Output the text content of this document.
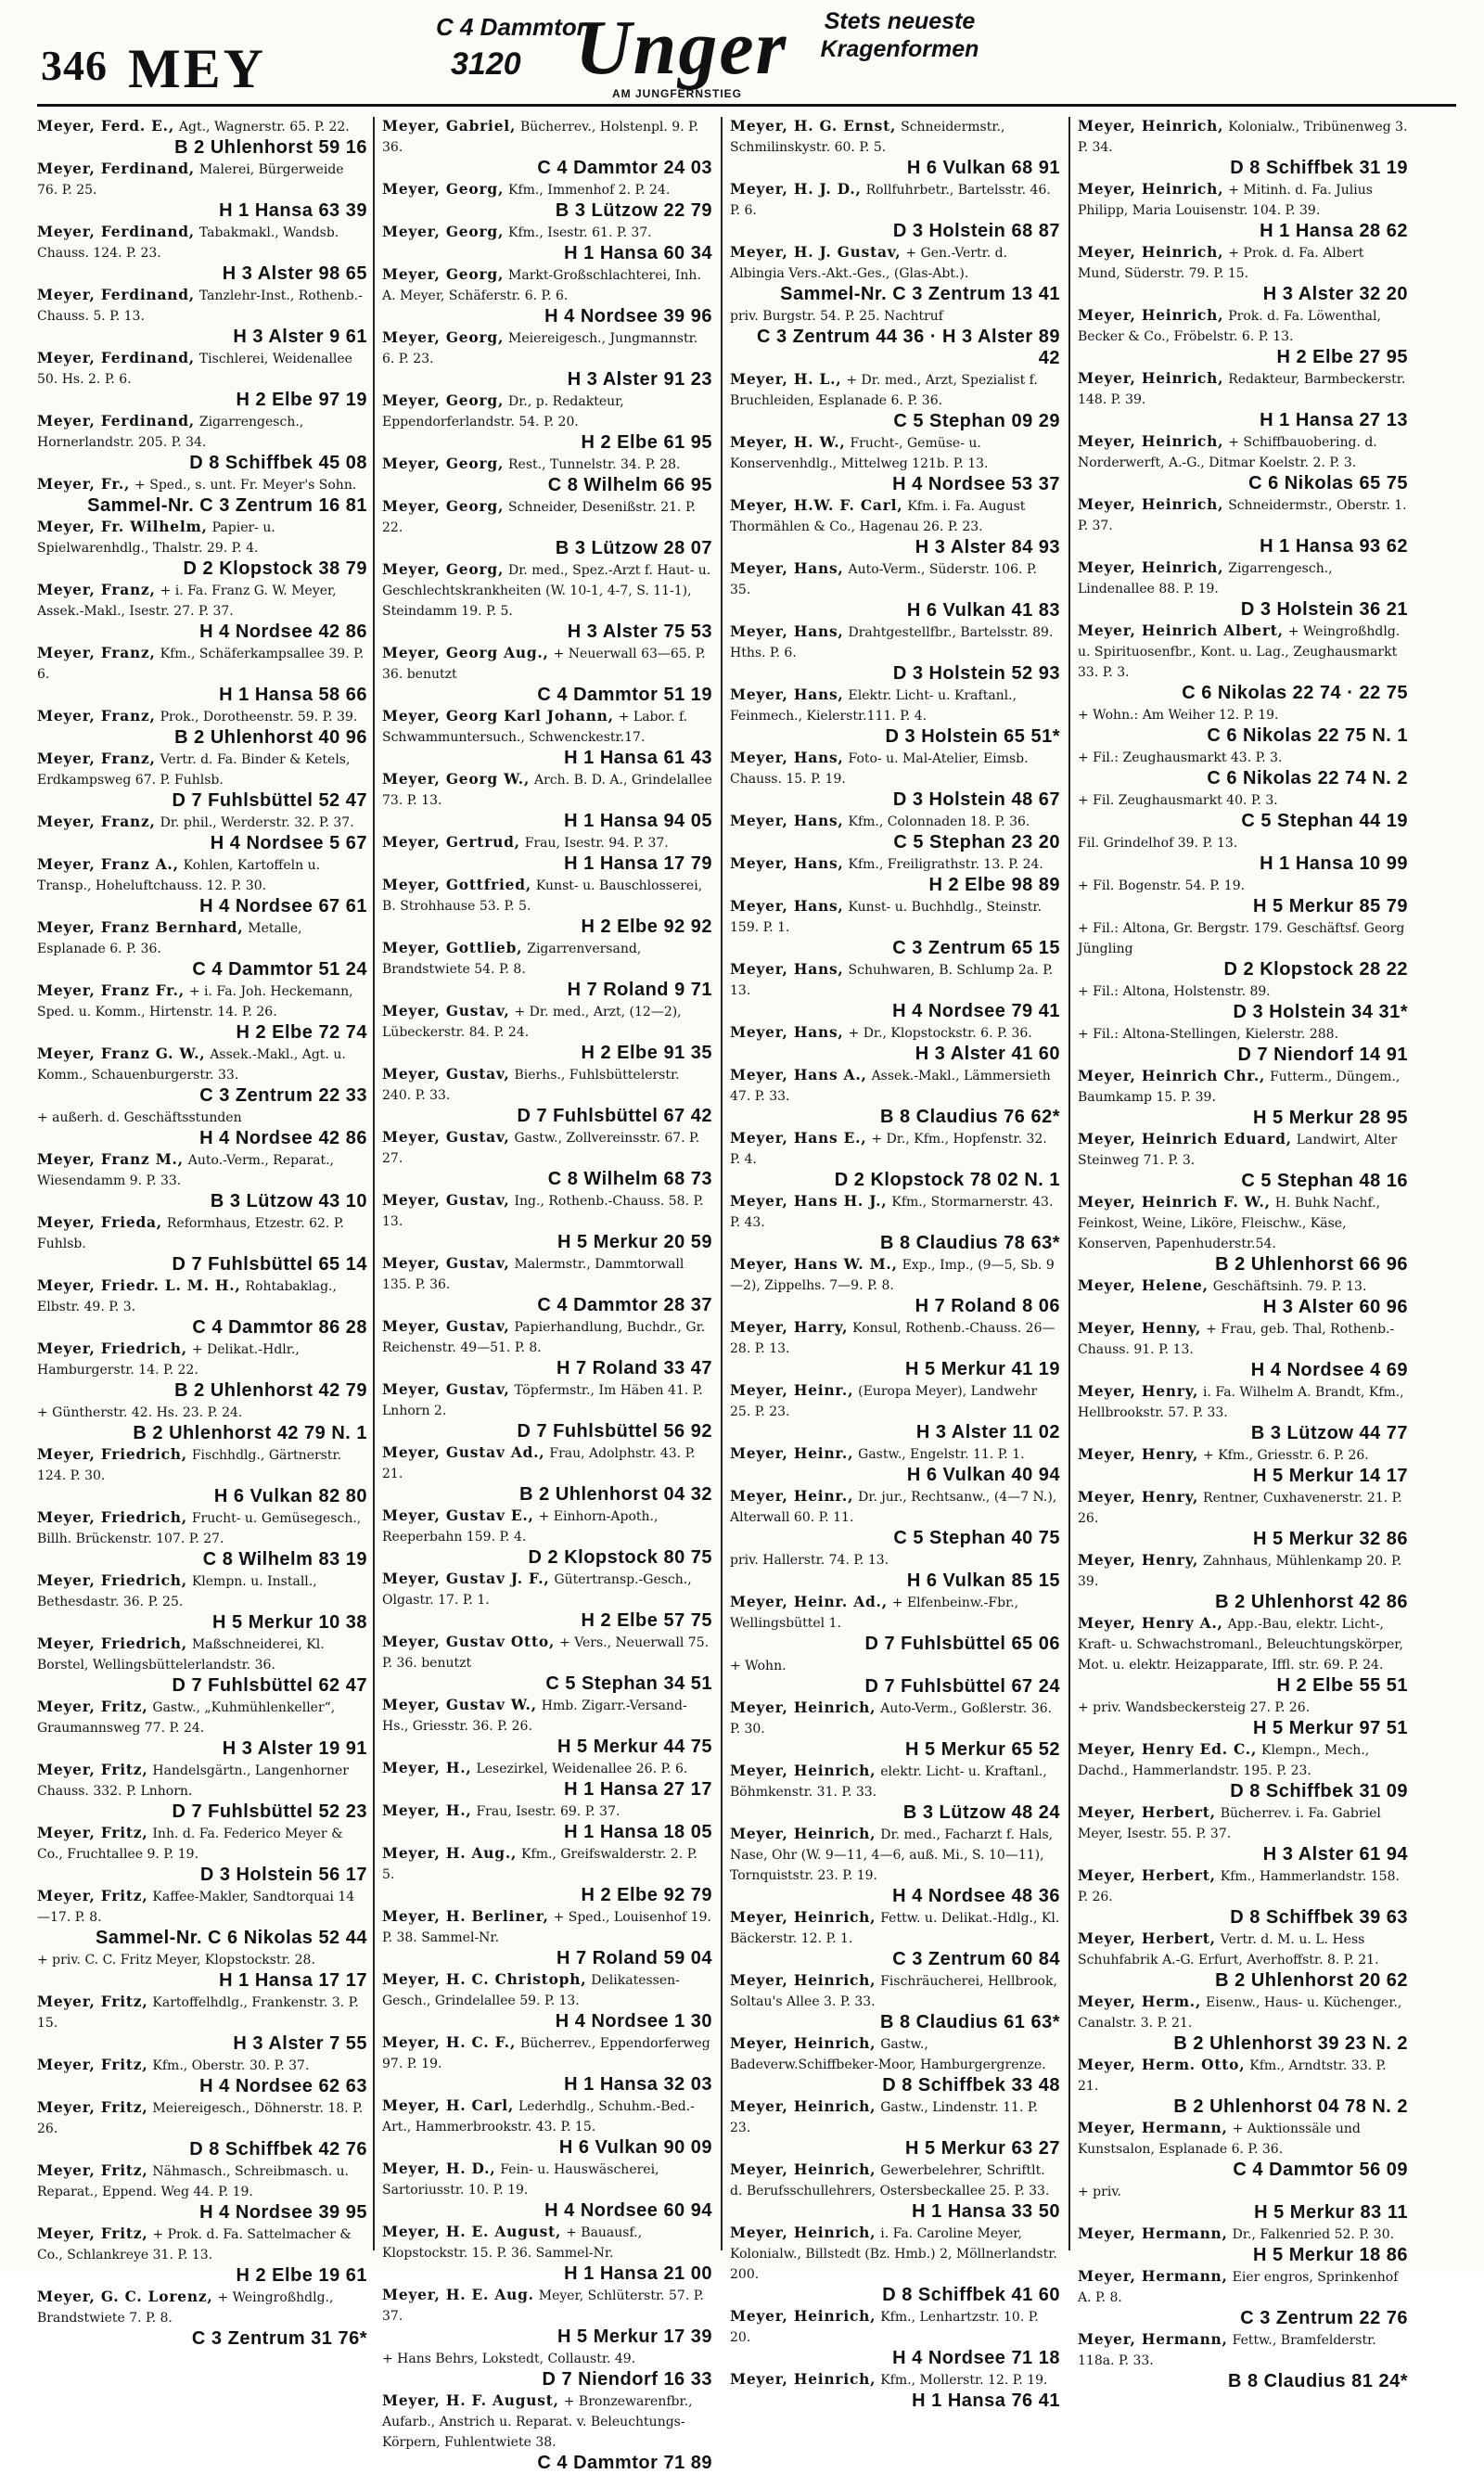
346 MEY
C 4 Dammtor
3120 Unger	Stets neueste Kragenformen
AM JUNGFERNSTIEG
Meyer, Ferd. E., Agt., Wagnerstr. 65. P. 22.
B 2 Uhlenhorst 59 16
Meyer, Ferdinand, Malerei, Bürgerweide 76. P. 25.
H 1 Hansa 63 39
Meyer, Ferdinand, Tabakmakl., Wandsb. Chauss. 124. P. 23.
H 3 Alster 98 65
Meyer, Ferdinand, Tanzlehr-Inst., Rothenb.-Chauss. 5. P. 13.
H 3 Alster 9 61
Meyer, Ferdinand, Tischlerei, Weidenallee 50. Hs. 2. P. 6.
H 2 Elbe 97 19
Meyer, Ferdinand, Zigarrengesch., Hornerlandstr. 205. P. 34.
D 8 Schiffbek 45 08
Meyer, Fr., + Sped., s. unt. Fr. Meyer's Sohn.
Sammel-Nr. C 3 Zentrum 16 81
Meyer, Fr. Wilhelm, Papier- u. Spielwarenhdlg., Thalstr. 29. P. 4.
D 2 Klopstock 38 79
Meyer, Franz, + i. Fa. Franz G. W. Meyer, Assek.-Makl., Isestr. 27. P. 37.
H 4 Nordsee 42 86
Meyer, Franz, Kfm., Schäferkampsallee 39. P. 6.
H 1 Hansa 58 66
Meyer, Franz, Prok., Dorotheenstr. 59. P. 39.
B 2 Uhlenhorst 40 96
Meyer, Franz, Vertr. d. Fa. Binder & Ketels, Erdkampsweg 67. P. Fuhlsb.
D 7 Fuhlsbüttel 52 47
Meyer, Franz, Dr. phil., Werderstr. 32. P. 37.
H 4 Nordsee 5 67
Meyer, Franz A., Kohlen, Kartoffeln u. Transp., Hoheluftchauss. 12. P. 30.
H 4 Nordsee 67 61
Meyer, Franz Bernhard, Metalle, Esplanade 6. P. 36.
C 4 Dammtor 51 24
Meyer, Franz Fr., + i. Fa. Joh. Heckemann, Sped. u. Komm., Hirtenstr. 14. P. 26.
H 2 Elbe 72 74
Meyer, Franz G. W., Assek.-Makl., Agt. u. Komm., Schauenburgerstr. 33.
C 3 Zentrum 22 33
+ außerh. d. Geschäftsstunden
H 4 Nordsee 42 86
Meyer, Franz M., Auto.-Verm., Reparat., Wiesendamm 9. P. 33.
B 3 Lützow 43 10
Meyer, Frieda, Reformhaus, Etzestr. 62. P. Fuhlsb.
D 7 Fuhlsbüttel 65 14
Meyer, Friedr. L. M. H., Rohtabaklag., Elbstr. 49. P. 3.
C 4 Dammtor 86 28
Meyer, Friedrich, + Delikat.-Hdlr., Hamburgerstr. 14. P. 22.
B 2 Uhlenhorst 42 79
+ Güntherstr. 42. Hs. 23. P. 24.
B 2 Uhlenhorst 42 79 N. 1
Meyer, Friedrich, Fischhdlg., Gärtnerstr. 124. P. 30.
H 6 Vulkan 82 80
Meyer, Friedrich, Frucht- u. Gemüsegesch., Billh. Brückenstr. 107. P. 27.
C 8 Wilhelm 83 19
Meyer, Friedrich, Klempn. u. Install., Bethesdastr. 36. P. 25.
H 5 Merkur 10 38
Meyer, Friedrich, Maßschneiderei, Kl. Borstel, Wellingsbüttelerlandstr. 36.
D 7 Fuhlsbüttel 62 47
Meyer, Fritz, Gastw., „Kuhmühlenkeller“, Graumannsweg 77. P. 24.
H 3 Alster 19 91
Meyer, Fritz, Handelsgärtn., Langenhorner Chauss. 332. P. Lnhorn.
D 7 Fuhlsbüttel 52 23
Meyer, Fritz, Inh. d. Fa. Federico Meyer & Co., Fruchtallee 9. P. 19.
D 3 Holstein 56 17
Meyer, Fritz, Kaffee-Makler, Sandtorquai 14—17. P. 8.
Sammel-Nr. C 6 Nikolas 52 44
+ priv. C. C. Fritz Meyer, Klopstockstr. 28.
H 1 Hansa 17 17
Meyer, Fritz, Kartoffelhdlg., Frankenstr. 3. P. 15.
H 3 Alster 7 55
Meyer, Fritz, Kfm., Oberstr. 30. P. 37.
H 4 Nordsee 62 63
Meyer, Fritz, Meiereigesch., Döhnerstr. 18. P. 26.
D 8 Schiffbek 42 76
Meyer, Fritz, Nähmasch., Schreibmasch. u. Reparat., Eppend. Weg 44. P. 19.
H 4 Nordsee 39 95
Meyer, Fritz, + Prok. d. Fa. Sattelmacher & Co., Schlankreye 31. P. 13.
H 2 Elbe 19 61
Meyer, G. C. Lorenz, + Weingroßhdlg., Brandstwiete 7. P. 8.
C 3 Zentrum 31 76*
Meyer, Gabriel, Bücherrev., Holstenpl. 9. P. 36.
C 4 Dammtor 24 03
Meyer, Georg, Kfm., Immenhof 2. P. 24.
B 3 Lützow 22 79
Meyer, Georg, Kfm., Isestr. 61. P. 37.
H 1 Hansa 60 34
Meyer, Georg, Markt-Großschlachterei, Inh. A. Meyer, Schäferstr. 6. P. 6.
H 4 Nordsee 39 96
Meyer, Georg, Meiereigesch., Jungmannstr. 6. P. 23.
H 3 Alster 91 23
Meyer, Georg, Dr., p. Redakteur, Eppendorferlandstr. 54. P. 20.
H 2 Elbe 61 95
Meyer, Georg, Rest., Tunnelstr. 34. P. 28.
C 8 Wilhelm 66 95
Meyer, Georg, Schneider, Desenißstr. 21. P. 22.
B 3 Lützow 28 07
Meyer, Georg, Dr. med., Spez.-Arzt f. Haut- u. Geschlechtskrankheiten (W. 10-1, 4-7, S. 11-1), Steindamm 19. P. 5.
H 3 Alster 75 53
Meyer, Georg Aug., + Neuerwall 63—65. P. 36. benutzt
C 4 Dammtor 51 19
Meyer, Georg Karl Johann, + Labor. f. Schwammuntersuch., Schwenckestr.17.
H 1 Hansa 61 43
Meyer, Georg W., Arch. B. D. A., Grindelallee 73. P. 13.
H 1 Hansa 94 05
Meyer, Gertrud, Frau, Isestr. 94. P. 37.
H 1 Hansa 17 79
Meyer, Gottfried, Kunst- u. Bauschlosserei, B. Strohhause 53. P. 5.
H 2 Elbe 92 92
Meyer, Gottlieb, Zigarrenversand, Brandstwiete 54. P. 8.
H 7 Roland 9 71
Meyer, Gustav, + Dr. med., Arzt, (12—2), Lübeckerstr. 84. P. 24.
H 2 Elbe 91 35
Meyer, Gustav, Bierhs., Fuhlsbüttelerstr. 240. P. 33.
D 7 Fuhlsbüttel 67 42
Meyer, Gustav, Gastw., Zollvereinsstr. 67. P. 27.
C 8 Wilhelm 68 73
Meyer, Gustav, Ing., Rothenb.-Chauss. 58. P. 13.
H 5 Merkur 20 59
Meyer, Gustav, Malermstr., Dammtorwall 135. P. 36.
C 4 Dammtor 28 37
Meyer, Gustav, Papierhandlung, Buchdr., Gr. Reichenstr. 49—51. P. 8.
H 7 Roland 33 47
Meyer, Gustav, Töpfermstr., Im Häben 41. P. Lnhorn 2.
D 7 Fuhlsbüttel 56 92
Meyer, Gustav Ad., Frau, Adolphstr. 43. P. 21.
B 2 Uhlenhorst 04 32
Meyer, Gustav E., + Einhorn-Apoth., Reeperbahn 159. P. 4.
D 2 Klopstock 80 75
Meyer, Gustav J. F., Gütertransp.-Gesch., Olgastr. 17. P. 1.
H 2 Elbe 57 75
Meyer, Gustav Otto, + Vers., Neuerwall 75. P. 36. benutzt
C 5 Stephan 34 51
Meyer, Gustav W., Hmb. Zigarr.-Versand-Hs., Griesstr. 36. P. 26.
H 5 Merkur 44 75
Meyer, H., Lesezirkel, Weidenallee 26. P. 6.
H 1 Hansa 27 17
Meyer, H., Frau, Isestr. 69. P. 37.
H 1 Hansa 18 05
Meyer, H. Aug., Kfm., Greifswalderstr. 2. P. 5.
H 2 Elbe 92 79
Meyer, H. Berliner, + Sped., Louisenhof 19. P. 38. Sammel-Nr.
H 7 Roland 59 04
Meyer, H. C. Christoph, Delikatessen-Gesch., Grindelallee 59. P. 13.
H 4 Nordsee 1 30
Meyer, H. C. F., Bücherrev., Eppendorferweg 97. P. 19.
H 1 Hansa 32 03
Meyer, H. Carl, Lederhdlg., Schuhm.-Bed.-Art., Hammerbrookstr. 43. P. 15.
H 6 Vulkan 90 09
Meyer, H. D., Fein- u. Hauswäscherei, Sartoriusstr. 10. P. 19.
H 4 Nordsee 60 94
Meyer, H. E. August, + Bauausf., Klopstockstr. 15. P. 36. Sammel-Nr.
H 1 Hansa 21 00
Meyer, H. E. Aug. Meyer, Schlüterstr. 57. P. 37.
H 5 Merkur 17 39
+ Hans Behrs, Lokstedt, Collaustr. 49.
D 7 Niendorf 16 33
Meyer, H. F. August, + Bronzewarenfbr., Aufarb., Anstrich u. Reparat. v. Beleuchtungs-Körpern, Fuhlentwiete 38.
C 4 Dammtor 71 89
Meyer, H. G. Ernst, Schneidermstr., Schmilinskystr. 60. P. 5.
H 6 Vulkan 68 91
Meyer, H. J. D., Rollfuhrbetr., Bartelsstr. 46. P. 6.
D 3 Holstein 68 87
Meyer, H. J. Gustav, + Gen.-Vertr. d. Albingia Vers.-Akt.-Ges., (Glas-Abt.).
Sammel-Nr. C 3 Zentrum 13 41
priv. Burgstr. 54. P. 25. Nachtruf
C 3 Zentrum 44 36 · H 3 Alster 89 42
Meyer, H. L., + Dr. med., Arzt, Spezialist f. Bruchleiden, Esplanade 6. P. 36.
C 5 Stephan 09 29
Meyer, H. W., Frucht-, Gemüse- u. Konservenhdlg., Mittelweg 121b. P. 13.
H 4 Nordsee 53 37
Meyer, H.W. F. Carl, Kfm. i. Fa. August Thormählen & Co., Hagenau 26. P. 23.
H 3 Alster 84 93
Meyer, Hans, Auto-Verm., Süderstr. 106. P. 35.
H 6 Vulkan 41 83
Meyer, Hans, Drahtgestellfbr., Bartelsstr. 89. Hths. P. 6.
D 3 Holstein 52 93
Meyer, Hans, Elektr. Licht- u. Kraftanl., Feinmech., Kielerstr.111. P. 4.
D 3 Holstein 65 51*
Meyer, Hans, Foto- u. Mal-Atelier, Eimsb. Chauss. 15. P. 19.
D 3 Holstein 48 67
Meyer, Hans, Kfm., Colonnaden 18. P. 36.
C 5 Stephan 23 20
Meyer, Hans, Kfm., Freiligrathstr. 13. P. 24.
H 2 Elbe 98 89
Meyer, Hans, Kunst- u. Buchhdlg., Steinstr. 159. P. 1.
C 3 Zentrum 65 15
Meyer, Hans, Schuhwaren, B. Schlump 2a. P. 13.
H 4 Nordsee 79 41
Meyer, Hans, + Dr., Klopstockstr. 6. P. 36.
H 3 Alster 41 60
Meyer, Hans A., Assek.-Makl., Lämmersieth 47. P. 33.
B 8 Claudius 76 62*
Meyer, Hans E., + Dr., Kfm., Hopfenstr. 32. P. 4.
D 2 Klopstock 78 02 N. 1
Meyer, Hans H. J., Kfm., Stormarnerstr. 43. P. 43.
B 8 Claudius 78 63*
Meyer, Hans W. M., Exp., Imp., (9—5, Sb. 9—2), Zippelhs. 7—9. P. 8.
H 7 Roland 8 06
Meyer, Harry, Konsul, Rothenb.-Chauss. 26—28. P. 13.
H 5 Merkur 41 19
Meyer, Heinr., (Europa Meyer), Landwehr 25. P. 23.
H 3 Alster 11 02
Meyer, Heinr., Gastw., Engelstr. 11. P. 1.
H 6 Vulkan 40 94
Meyer, Heinr., Dr. jur., Rechtsanw., (4—7 N.), Alterwall 60. P. 11.
C 5 Stephan 40 75
priv. Hallerstr. 74. P. 13.
H 6 Vulkan 85 15
Meyer, Heinr. Ad., + Elfenbeinw.-Fbr., Wellingsbüttel 1.
D 7 Fuhlsbüttel 65 06
+ Wohn.
D 7 Fuhlsbüttel 67 24
Meyer, Heinrich, Auto-Verm., Goßlerstr. 36. P. 30.
H 5 Merkur 65 52
Meyer, Heinrich, elektr. Licht- u. Kraftanl., Böhmkenstr. 31. P. 33.
B 3 Lützow 48 24
Meyer, Heinrich, Dr. med., Facharzt f. Hals, Nase, Ohr (W. 9—11, 4—6, auß. Mi., S. 10—11), Tornquiststr. 23. P. 19.
H 4 Nordsee 48 36
Meyer, Heinrich, Fettw. u. Delikat.-Hdlg., Kl. Bäckerstr. 12. P. 1.
C 3 Zentrum 60 84
Meyer, Heinrich, Fischräucherei, Hellbrook, Soltau's Allee 3. P. 33.
B 8 Claudius 61 63*
Meyer, Heinrich, Gastw., Badeverw.Schiffbeker-Moor, Hamburgergrenze.
D 8 Schiffbek 33 48
Meyer, Heinrich, Gastw., Lindenstr. 11. P. 23.
H 5 Merkur 63 27
Meyer, Heinrich, Gewerbelehrer, Schriftlt. d. Berufsschullehrers, Ostersbeckallee 25. P. 33.
H 1 Hansa 33 50
Meyer, Heinrich, i. Fa. Caroline Meyer, Kolonialw., Billstedt (Bz. Hmb.) 2, Möllnerlandstr. 200.
D 8 Schiffbek 41 60
Meyer, Heinrich, Kfm., Lenhartzstr. 10. P. 20.
H 4 Nordsee 71 18
Meyer, Heinrich, Kfm., Mollerstr. 12. P. 19.
H 1 Hansa 76 41
Meyer, Heinrich, Kolonialw., Tribünenweg 3. P. 34.
D 8 Schiffbek 31 19
Meyer, Heinrich, + Mitinh. d. Fa. Julius Philipp, Maria Louisenstr. 104. P. 39.
H 1 Hansa 28 62
Meyer, Heinrich, + Prok. d. Fa. Albert Mund, Süderstr. 79. P. 15.
H 3 Alster 32 20
Meyer, Heinrich, Prok. d. Fa. Löwenthal, Becker & Co., Fröbelstr. 6. P. 13.
H 2 Elbe 27 95
Meyer, Heinrich, Redakteur, Barmbeckerstr. 148. P. 39.
H 1 Hansa 27 13
Meyer, Heinrich, + Schiffbauobering. d. Norderwerft, A.-G., Ditmar Koelstr. 2. P. 3.
C 6 Nikolas 65 75
Meyer, Heinrich, Schneidermstr., Oberstr. 1. P. 37.
H 1 Hansa 93 62
Meyer, Heinrich, Zigarrengesch., Lindenallee 88. P. 19.
D 3 Holstein 36 21
Meyer, Heinrich Albert, + Weingroßhdlg. u. Spirituosenfbr., Kont. u. Lag., Zeughausmarkt 33. P. 3.
C 6 Nikolas 22 74 · 22 75
+ Wohn.: Am Weiher 12. P. 19.
C 6 Nikolas 22 75 N. 1
+ Fil.: Zeughausmarkt 43. P. 3.
C 6 Nikolas 22 74 N. 2
+ Fil. Zeughausmarkt 40. P. 3.
C 5 Stephan 44 19
Fil. Grindelhof 39. P. 13.
H 1 Hansa 10 99
+ Fil. Bogenstr. 54. P. 19.
H 5 Merkur 85 79
+ Fil.: Altona, Gr. Bergstr. 179. Geschäftsf. Georg Jüngling
D 2 Klopstock 28 22
+ Fil.: Altona, Holstenstr. 89.
D 3 Holstein 34 31*
+ Fil.: Altona-Stellingen, Kielerstr. 288.
D 7 Niendorf 14 91
Meyer, Heinrich Chr., Futterm., Düngem., Baumkamp 15. P. 39.
H 5 Merkur 28 95
Meyer, Heinrich Eduard, Landwirt, Alter Steinweg 71. P. 3.
C 5 Stephan 48 16
Meyer, Heinrich F. W., H. Buhk Nachf., Feinkost, Weine, Liköre, Fleischw., Käse, Konserven, Papenhuderstr.54.
B 2 Uhlenhorst 66 96
Meyer, Helene, Geschäftsinh. 79. P. 13.
H 3 Alster 60 96
Meyer, Henny, + Frau, geb. Thal, Rothenb.-Chauss. 91. P. 13.
H 4 Nordsee 4 69
Meyer, Henry, i. Fa. Wilhelm A. Brandt, Kfm., Hellbrookstr. 57. P. 33.
B 3 Lützow 44 77
Meyer, Henry, + Kfm., Griesstr. 6. P. 26.
H 5 Merkur 14 17
Meyer, Henry, Rentner, Cuxhavenerstr. 21. P. 26.
H 5 Merkur 32 86
Meyer, Henry, Zahnhaus, Mühlenkamp 20. P. 39.
B 2 Uhlenhorst 42 86
Meyer, Henry A., App.-Bau, elektr. Licht-, Kraft- u. Schwachstromanl., Beleuchtungskörper, Mot. u. elektr. Heizapparate, Iffl. str. 69. P. 24.
H 2 Elbe 55 51
+ priv. Wandsbeckersteig 27. P. 26.
H 5 Merkur 97 51
Meyer, Henry Ed. C., Klempn., Mech., Dachd., Hammerlandstr. 195. P. 23.
D 8 Schiffbek 31 09
Meyer, Herbert, Bücherrev. i. Fa. Gabriel Meyer, Isestr. 55. P. 37.
H 3 Alster 61 94
Meyer, Herbert, Kfm., Hammerlandstr. 158. P. 26.
D 8 Schiffbek 39 63
Meyer, Herbert, Vertr. d. M. u. L. Hess Schuhfabrik A.-G. Erfurt, Averhoffstr. 8. P. 21.
B 2 Uhlenhorst 20 62
Meyer, Herm., Eisenw., Haus- u. Küchenger., Canalstr. 3. P. 21.
B 2 Uhlenhorst 39 23 N. 2
Meyer, Herm. Otto, Kfm., Arndtstr. 33. P. 21.
B 2 Uhlenhorst 04 78 N. 2
Meyer, Hermann, + Auktionssäle und Kunstsalon, Esplanade 6. P. 36.
C 4 Dammtor 56 09
+ priv.
H 5 Merkur 83 11
Meyer, Hermann, Dr., Falkenried 52. P. 30.
H 5 Merkur 18 86
Meyer, Hermann, Eier engros, Sprinkenhof A. P. 8.
C 3 Zentrum 22 76
Meyer, Hermann, Fettw., Bramfelderstr. 118a. P. 33.
B 8 Claudius 81 24*
